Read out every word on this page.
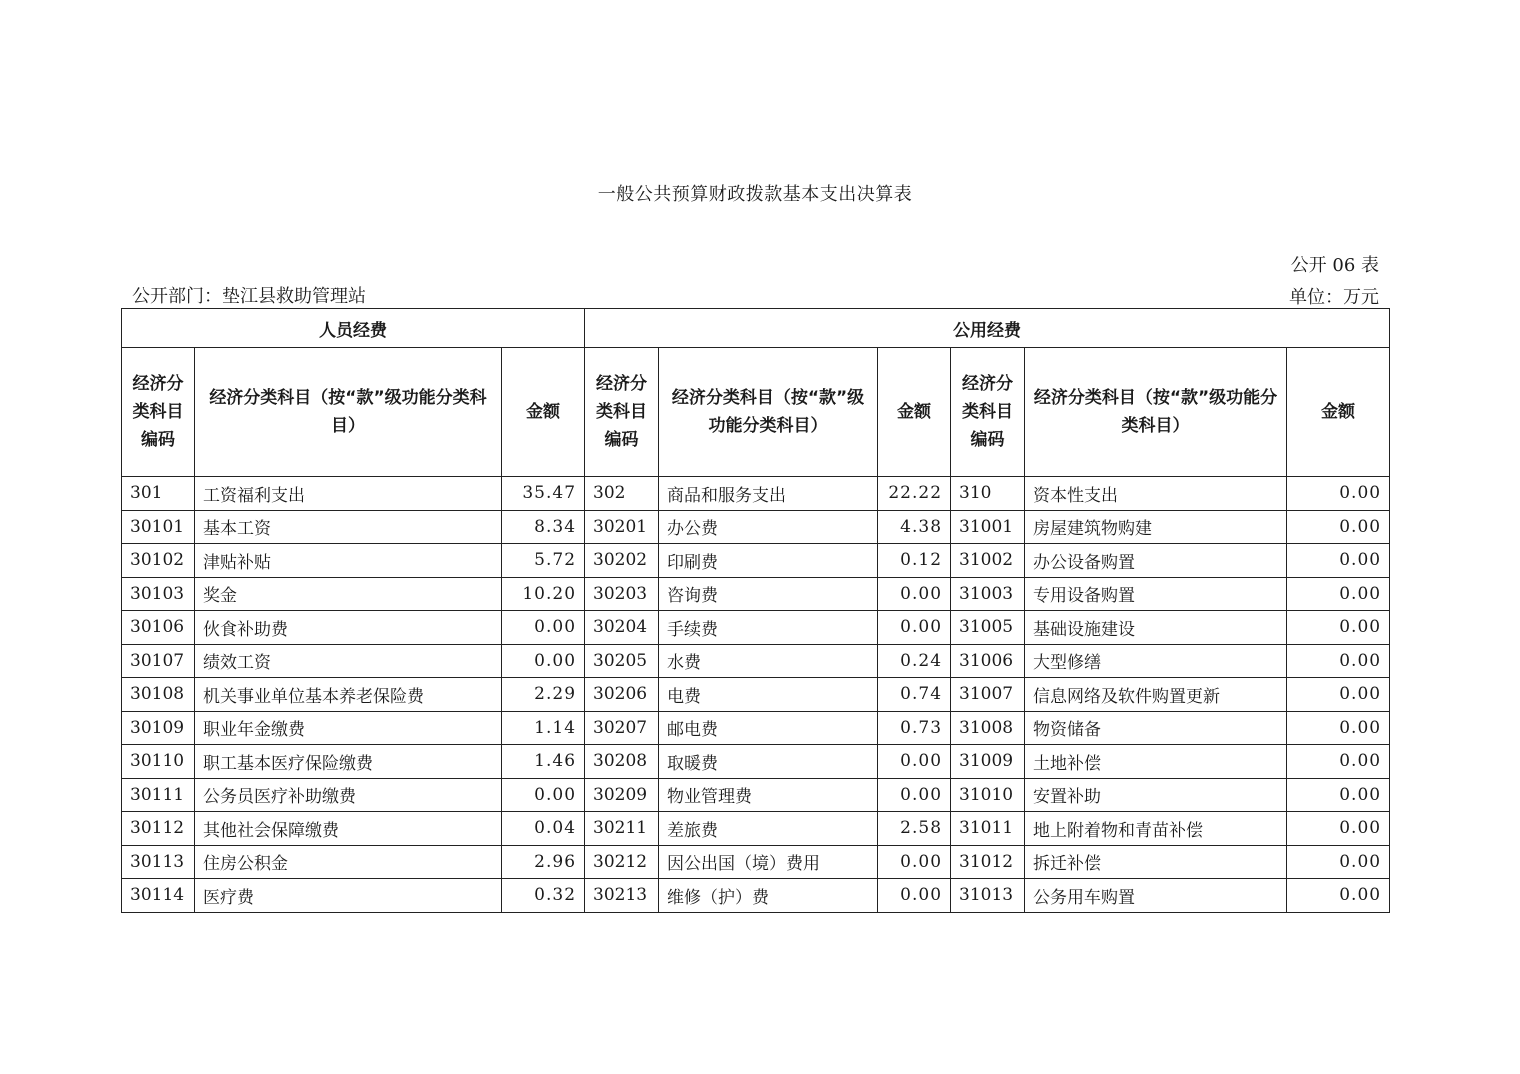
一般公共预算财政拨款基本支出决算表
公开 06 表
公开部门：垫江县救助管理站	单位：万元
人员经费			公用经费					
经济分类科目编码	经济分类科目（按“款”级功能分类科目）	金额	经济分类科目编码	经济分类科目（按“款”级功能分类科目）	金额	经济分类科目编码	经济分类科目（按“款”级功能分类科目）	金额
301	工资福利支出	35.47	302	商品和服务支出	22.22	310	资本性支出	0.00
30101	基本工资	8.34	30201	办公费	4.38	31001	房屋建筑物购建	0.00
30102	津贴补贴	5.72	30202	印刷费	0.12	31002	办公设备购置	0.00
30103	奖金	10.20	30203	咨询费	0.00	31003	专用设备购置	0.00
30106	伙食补助费	0.00	30204	手续费	0.00	31005	基础设施建设	0.00
30107	绩效工资	0.00	30205	水费	0.24	31006	大型修缮	0.00
30108	机关事业单位基本养老保险费	2.29	30206	电费	0.74	31007	信息网络及软件购置更新	0.00
30109	职业年金缴费	1.14	30207	邮电费	0.73	31008	物资储备	0.00
30110	职工基本医疗保险缴费	1.46	30208	取暖费	0.00	31009	土地补偿	0.00
30111	公务员医疗补助缴费	0.00	30209	物业管理费	0.00	31010	安置补助	0.00
30112	其他社会保障缴费	0.04	30211	差旅费	2.58	31011	地上附着物和青苗补偿	0.00
30113	住房公积金	2.96	30212	因公出国（境）费用	0.00	31012	拆迁补偿	0.00
30114	医疗费	0.32	30213	维修（护）费	0.00	31013	公务用车购置	0.00
